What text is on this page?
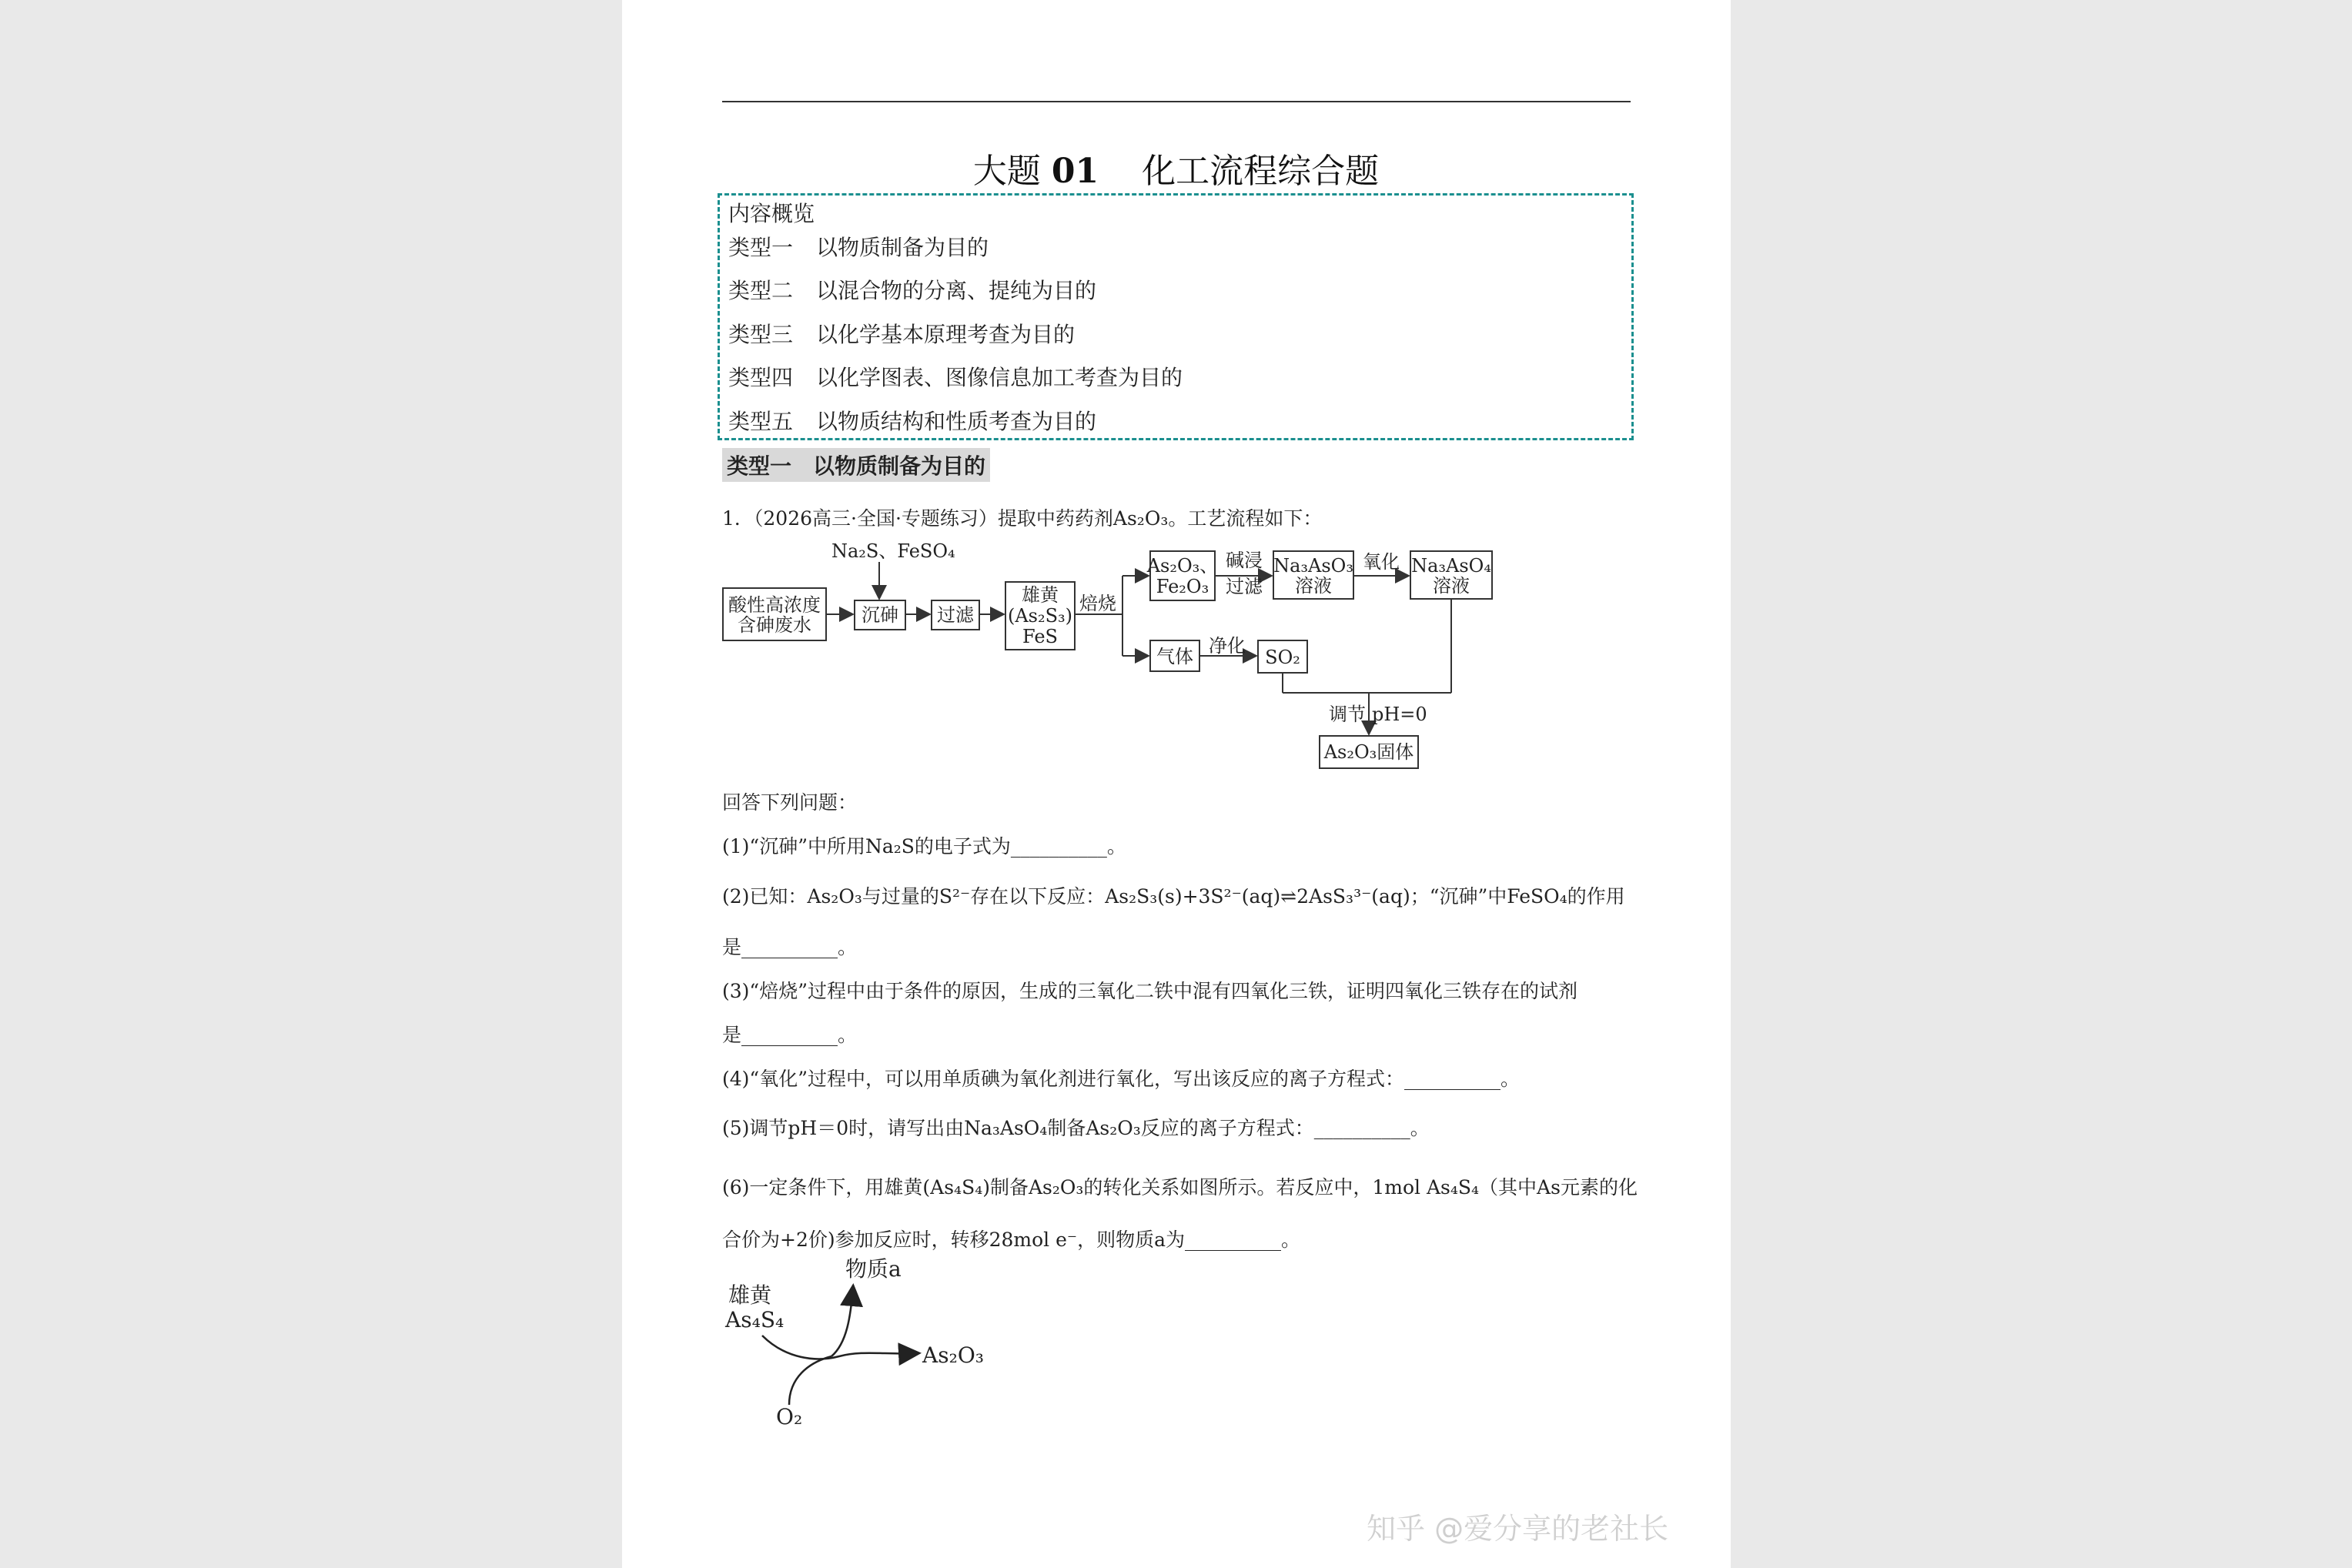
大题 01 化工流程综合题
内容概览
类型一 以物质制备为目的
类型二 以混合物的分离、提纯为目的
类型三 以化学基本原理考查为目的
类型四 以化学图表、图像信息加工考查为目的
类型五 以物质结构和性质考查为目的
类型一　以物质制备为目的
1．（2026高三·全国·专题练习）提取中药药剂As₂O₃。工艺流程如下：
Na₂S、FeSO₄
酸性高浓度
含砷废水	沉砷 过滤
雄黄
(As₂S₃)
FeS
焙烧
As₂O₃、
Fe₂O₃
碱浸
过滤
Na₃AsO₃
溶液
氧化 Na₃AsO₄
溶液
气体 净化
SO₂
调节 pH=0
As₂O₃固体
回答下列问题：
(1)“沉砷”中所用Na₂S的电子式为__________。
(2)已知：As₂O₃与过量的S²⁻存在以下反应：As₂S₃(s)+3S²⁻(aq)⇌2AsS₃³⁻(aq)；“沉砷”中FeSO₄的作用
是__________。
(3)“焙烧”过程中由于条件的原因，生成的三氧化二铁中混有四氧化三铁，证明四氧化三铁存在的试剂
是__________。
(4)“氧化”过程中，可以用单质碘为氧化剂进行氧化，写出该反应的离子方程式：__________。
(5)调节pH＝0时，请写出由Na₃AsO₄制备As₂O₃反应的离子方程式：__________。
(6)一定条件下，用雄黄(As₄S₄)制备As₂O₃的转化关系如图所示。若反应中，1mol As₄S₄（其中As元素的化
合价为+2价)参加反应时，转移28mol e⁻，则物质a为__________。
雄黄
As₄S₄
物质a
As₂O₃
O₂
知乎 @爱分享的老社长
